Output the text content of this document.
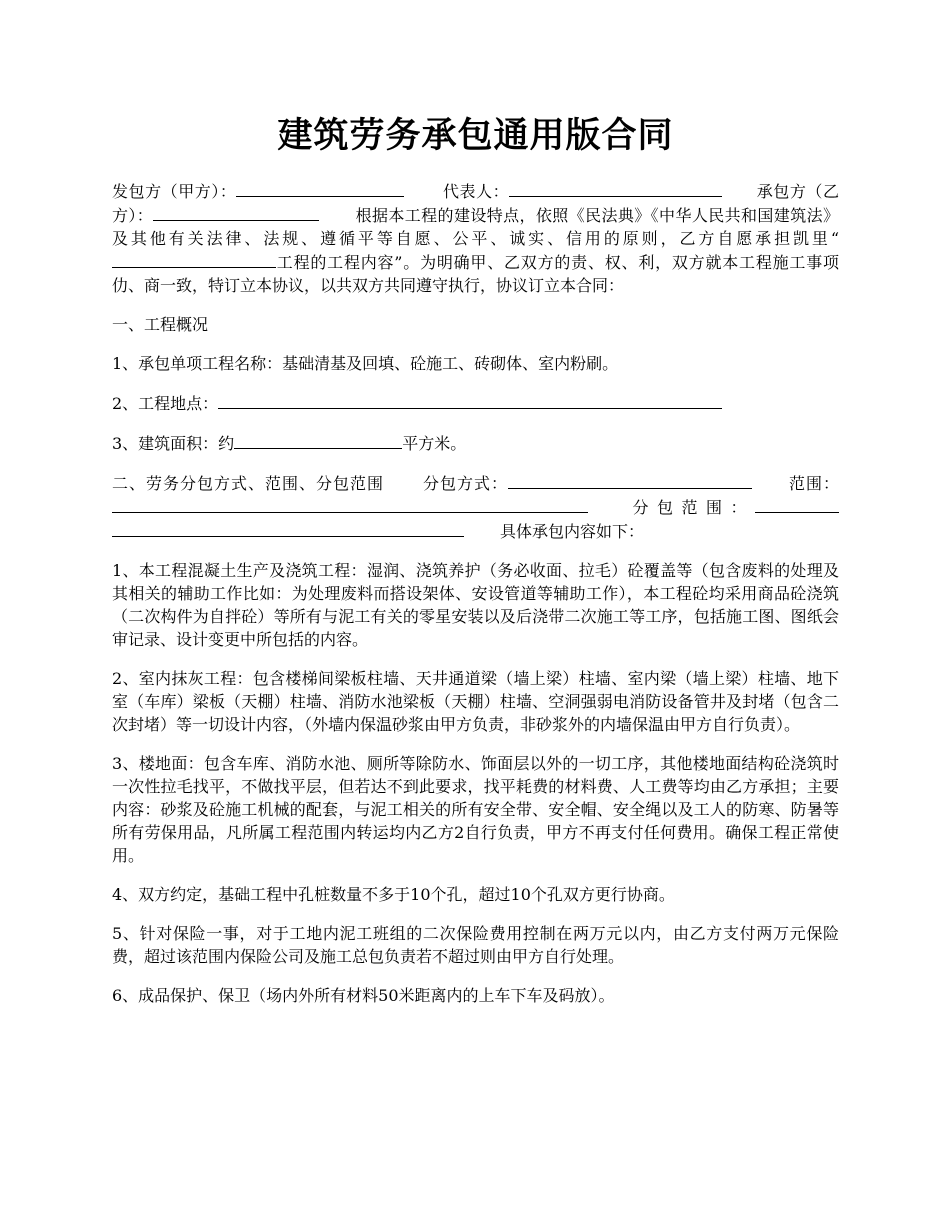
建筑劳务承包通用版合同

发包方（甲方）：	代表人：	承包方（乙方）：	根据本工程的建设特点，依照《民法典》《中华人民共和国建筑法》及其他有关法律、法规、遵循平等自愿、公平、诚实、信用的原则，乙方自愿承担凯里“工程的工程内容”。为明确甲、乙双方的责、权、利，双方就本工程施工事项仂、商一致，特订立本协议，以共双方共同遵守执行，协议订立本合同：

一、工程概况

1、承包单项工程名称：基础清基及回填、砼施工、砖砌体、室内粉刷。

2、工程地点：

3、建筑面积：约	平方米。

二、劳务分包方式、范围、分包范围 分包方式：	范围：分包范围：具体承包内容如下：

1、本工程混凝土生产及浇筑工程：湿润、浇筑养护（务必收面、拉毛）砼覆盖等（包含废料的处理及其相关的辅助工作比如：为处理废料而搭设架体、安设管道等辅助工作），本工程砼均采用商品砼浇筑（二次构件为自拌砼）等所有与泥工有关的零星安装以及后浇带二次施工等工序，包括施工图、图纸会审记录、设计变更中所包括的内容。

2、室内抹灰工程：包含楼梯间梁板柱墙、天井通道梁（墙上梁）柱墙、室内梁（墙上梁）柱墙、地下室（车库）梁板（天棚）柱墙、消防水池梁板（天棚）柱墙、空洞强弱电消防设备管井及封堵（包含二次封堵）等一切设计内容，（外墙内保温砂浆由甲方负责，非砂浆外的内墙保温由甲方自行负责）。

3、楼地面：包含车库、消防水池、厕所等除防水、饰面层以外的一切工序，其他楼地面结构砼浇筑时一次性拉毛找平，不做找平层，但若达不到此要求，找平耗费的材料费、人工费等均由乙方承担；主要内容：砂浆及砼施工机械的配套，与泥工相关的所有安全带、安全帽、安全绳以及工人的防寒、防暑等所有劳保用品，凡所属工程范围内转运均内乙方2自行负责，甲方不再支付任何费用。确保工程正常使用。

4、双方约定，基础工程中孔桩数量不多于10个孔，超过10个孔双方更行协商。

5、针对保险一事，对于工地内泥工班组的二次保险费用控制在两万元以内，由乙方支付两万元保险费，超过该范围内保险公司及施工总包负责若不超过则由甲方自行处理。

6、成品保护、保卫（场内外所有材料50米距离内的上车下车及码放）。
